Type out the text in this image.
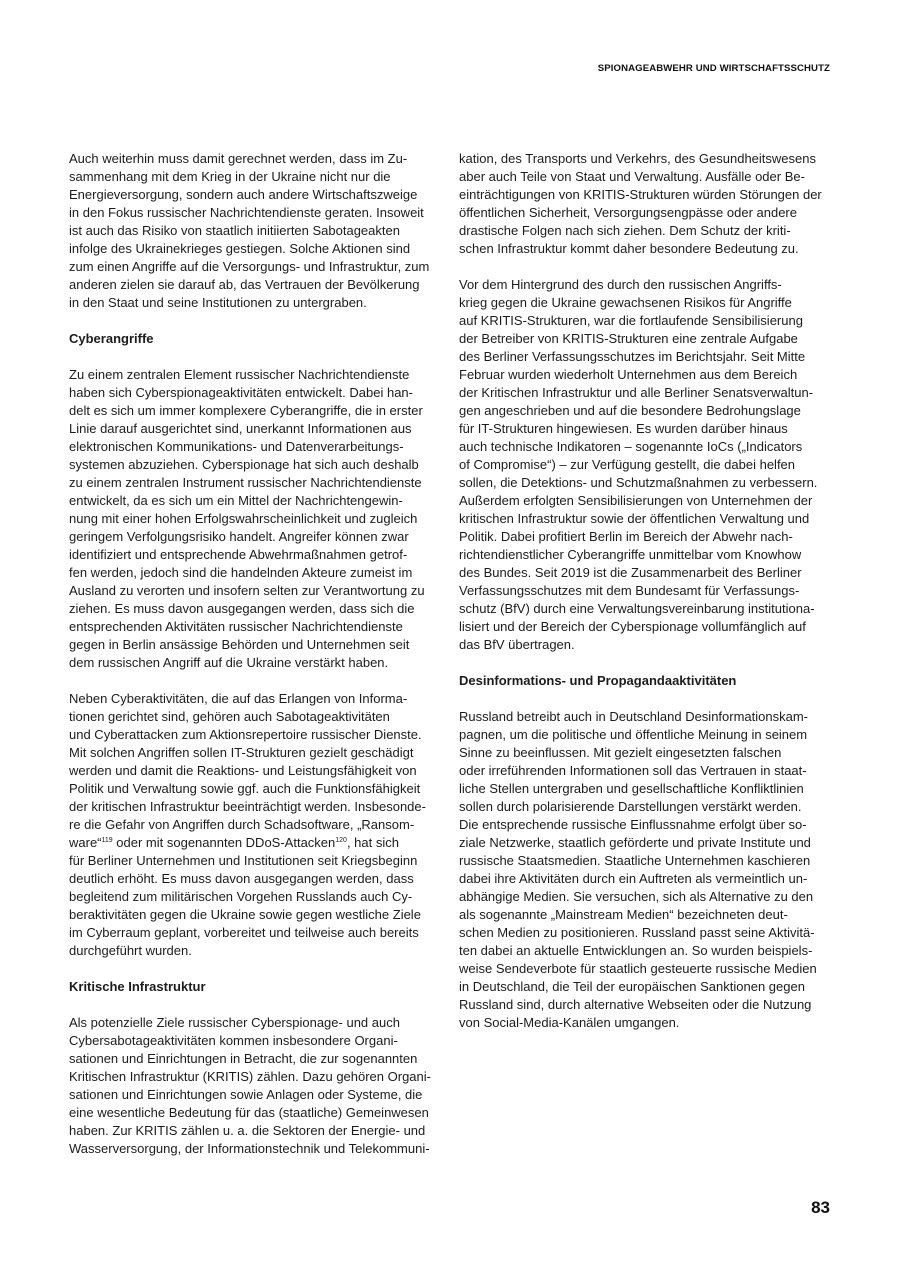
SPIONAGEABWEHR UND WIRTSCHAFTSSCHUTZ
Auch weiterhin muss damit gerechnet werden, dass im Zu-
sammenhang mit dem Krieg in der Ukraine nicht nur die
Energieversorgung, sondern auch andere Wirtschaftszweige
in den Fokus russischer Nachrichtendienste geraten. Insoweit
ist auch das Risiko von staatlich initiierten Sabotageakten
infolge des Ukrainekrieges gestiegen. Solche Aktionen sind
zum einen Angriffe auf die Versorgungs- und Infrastruktur, zum
anderen zielen sie darauf ab, das Vertrauen der Bevölkerung
in den Staat und seine Institutionen zu untergraben.
Cyberangriffe
Zu einem zentralen Element russischer Nachrichtendienste
haben sich Cyberspionageaktivitäten entwickelt. Dabei han-
delt es sich um immer komplexere Cyberangriffe, die in erster
Linie darauf ausgerichtet sind, unerkannt Informationen aus
elektronischen Kommunikations- und Datenverarbeitungs-
systemen abzuziehen. Cyberspionage hat sich auch deshalb
zu einem zentralen Instrument russischer Nachrichtendienste
entwickelt, da es sich um ein Mittel der Nachrichtengewin-
nung mit einer hohen Erfolgswahrscheinlichkeit und zugleich
geringem Verfolgungsrisiko handelt. Angreifer können zwar
identifiziert und entsprechende Abwehrmaßnahmen getrof-
fen werden, jedoch sind die handelnden Akteure zumeist im
Ausland zu verorten und insofern selten zur Verantwortung zu
ziehen. Es muss davon ausgegangen werden, dass sich die
entsprechenden Aktivitäten russischer Nachrichtendienste
gegen in Berlin ansässige Behörden und Unternehmen seit
dem russischen Angriff auf die Ukraine verstärkt haben.
Neben Cyberaktivitäten, die auf das Erlangen von Informa-
tionen gerichtet sind, gehören auch Sabotageaktivitäten
und Cyberattacken zum Aktionsrepertoire russischer Dienste.
Mit solchen Angriffen sollen IT-Strukturen gezielt geschädigt
werden und damit die Reaktions- und Leistungsfähigkeit von
Politik und Verwaltung sowie ggf. auch die Funktionsfähigkeit
der kritischen Infrastruktur beeinträchtigt werden. Insbesonde-
re die Gefahr von Angriffen durch Schadsoftware, „Ransom-
ware“$^{119}$ oder mit sogenannten DDoS-Attacken$^{120}$, hat sich
für Berliner Unternehmen und Institutionen seit Kriegsbeginn
deutlich erhöht. Es muss davon ausgegangen werden, dass
begleitend zum militärischen Vorgehen Russlands auch Cy-
beraktivitäten gegen die Ukraine sowie gegen westliche Ziele
im Cyberraum geplant, vorbereitet und teilweise auch bereits
durchgeführt wurden.
Kritische Infrastruktur
Als potenzielle Ziele russischer Cyberspionage- und auch
Cybersabotageaktivitäten kommen insbesondere Organi-
sationen und Einrichtungen in Betracht, die zur sogenannten
Kritischen Infrastruktur (KRITIS) zählen. Dazu gehören Organi-
sationen und Einrichtungen sowie Anlagen oder Systeme, die
eine wesentliche Bedeutung für das (staatliche) Gemeinwesen
haben. Zur KRITIS zählen u. a. die Sektoren der Energie- und
Wasserversorgung, der Informationstechnik und Telekommuni-
kation, des Transports und Verkehrs, des Gesundheitswesens
aber auch Teile von Staat und Verwaltung. Ausfälle oder Be-
einträchtigungen von KRITIS-Strukturen würden Störungen der
öffentlichen Sicherheit, Versorgungsengpässe oder andere
drastische Folgen nach sich ziehen. Dem Schutz der kriti-
schen Infrastruktur kommt daher besondere Bedeutung zu.
Vor dem Hintergrund des durch den russischen Angriffs-
krieg gegen die Ukraine gewachsenen Risikos für Angriffe
auf KRITIS-Strukturen, war die fortlaufende Sensibilisierung
der Betreiber von KRITIS-Strukturen eine zentrale Aufgabe
des Berliner Verfassungsschutzes im Berichtsjahr. Seit Mitte
Februar wurden wiederholt Unternehmen aus dem Bereich
der Kritischen Infrastruktur und alle Berliner Senatsverwaltun-
gen angeschrieben und auf die besondere Bedrohungslage
für IT-Strukturen hingewiesen. Es wurden darüber hinaus
auch technische Indikatoren – sogenannte IoCs („Indicators
of Compromise“) – zur Verfügung gestellt, die dabei helfen
sollen, die Detektions- und Schutzmaßnahmen zu verbessern.
Außerdem erfolgten Sensibilisierungen von Unternehmen der
kritischen Infrastruktur sowie der öffentlichen Verwaltung und
Politik. Dabei profitiert Berlin im Bereich der Abwehr nach-
richtendienstlicher Cyberangriffe unmittelbar vom Knowhow
des Bundes. Seit 2019 ist die Zusammenarbeit des Berliner
Verfassungsschutzes mit dem Bundesamt für Verfassungs-
schutz (BfV) durch eine Verwaltungsvereinbarung institutiona-
lisiert und der Bereich der Cyberspionage vollumfänglich auf
das BfV übertragen.
Desinformations- und Propagandaaktivitäten
Russland betreibt auch in Deutschland Desinformationskam-
pagnen, um die politische und öffentliche Meinung in seinem
Sinne zu beeinflussen. Mit gezielt eingesetzten falschen
oder irreführenden Informationen soll das Vertrauen in staat-
liche Stellen untergraben und gesellschaftliche Konfliktlinien
sollen durch polarisierende Darstellungen verstärkt werden.
Die entsprechende russische Einflussnahme erfolgt über so-
ziale Netzwerke, staatlich geförderte und private Institute und
russische Staatsmedien. Staatliche Unternehmen kaschieren
dabei ihre Aktivitäten durch ein Auftreten als vermeintlich un-
abhängige Medien. Sie versuchen, sich als Alternative zu den
als sogenannte „Mainstream Medien“ bezeichneten deut-
schen Medien zu positionieren. Russland passt seine Aktivitä-
ten dabei an aktuelle Entwicklungen an. So wurden beispiels-
weise Sendeverbote für staatlich gesteuerte russische Medien
in Deutschland, die Teil der europäischen Sanktionen gegen
Russland sind, durch alternative Webseiten oder die Nutzung
von Social-Media-Kanälen umgangen.
83
